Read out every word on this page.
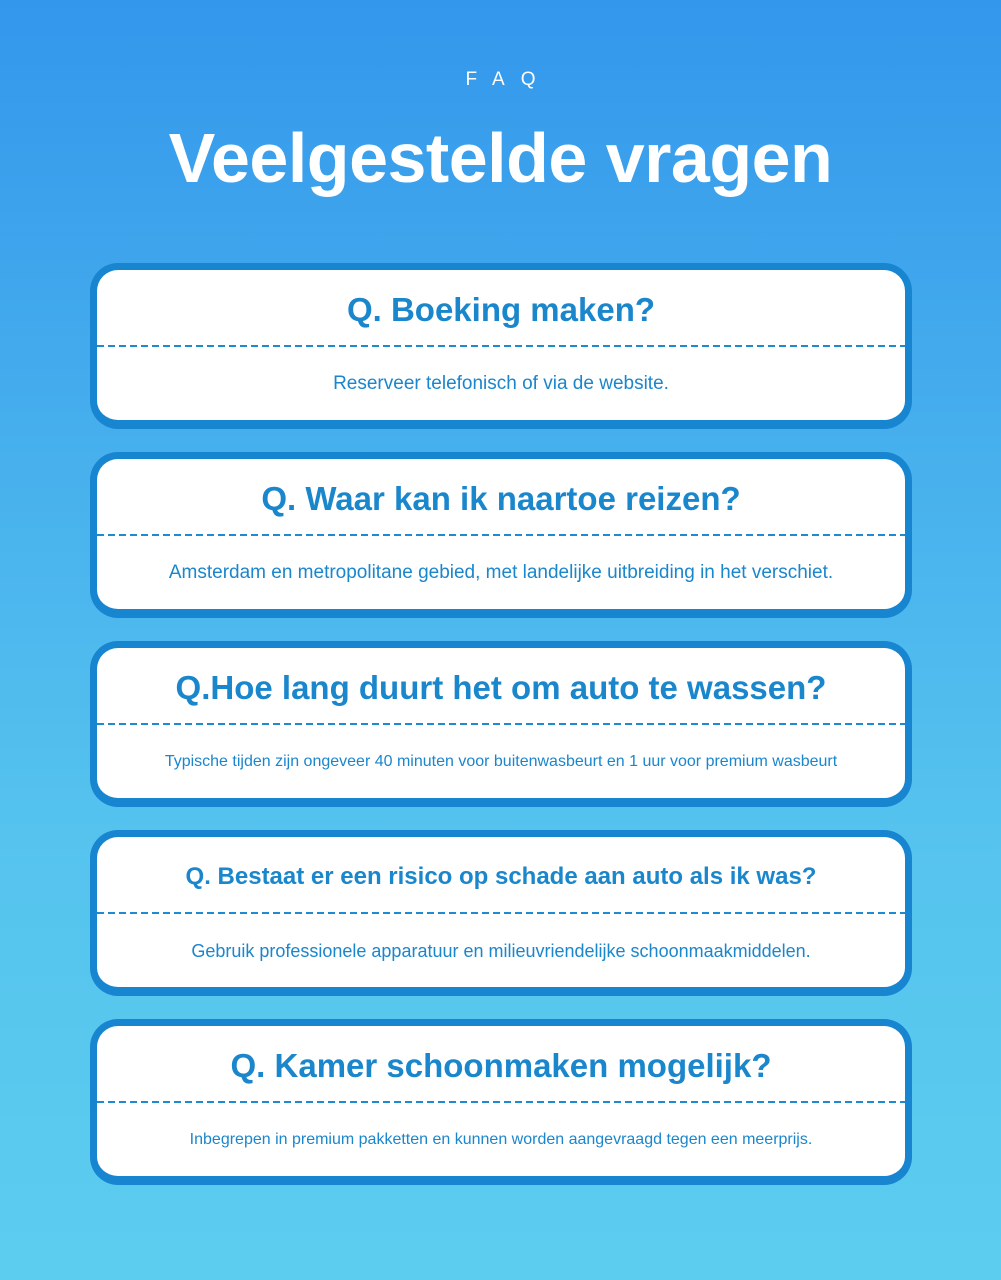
FAQ
Veelgestelde vragen
Q. Boeking maken?
Reserveer telefonisch of via de website.
Q. Waar kan ik naartoe reizen?
Amsterdam en metropolitane gebied, met landelijke uitbreiding in het verschiet.
Q.Hoe lang duurt het om auto te wassen?
Typische tijden zijn ongeveer 40 minuten voor buitenwasbeurt en 1 uur voor premium wasbeurt
Q. Bestaat er een risico op schade aan auto als ik was?
Gebruik professionele apparatuur en milieuvriendelijke schoonmaakmiddelen.
Q. Kamer schoonmaken mogelijk?
Inbegrepen in premium pakketten en kunnen worden aangevraagd tegen een meerprijs.
